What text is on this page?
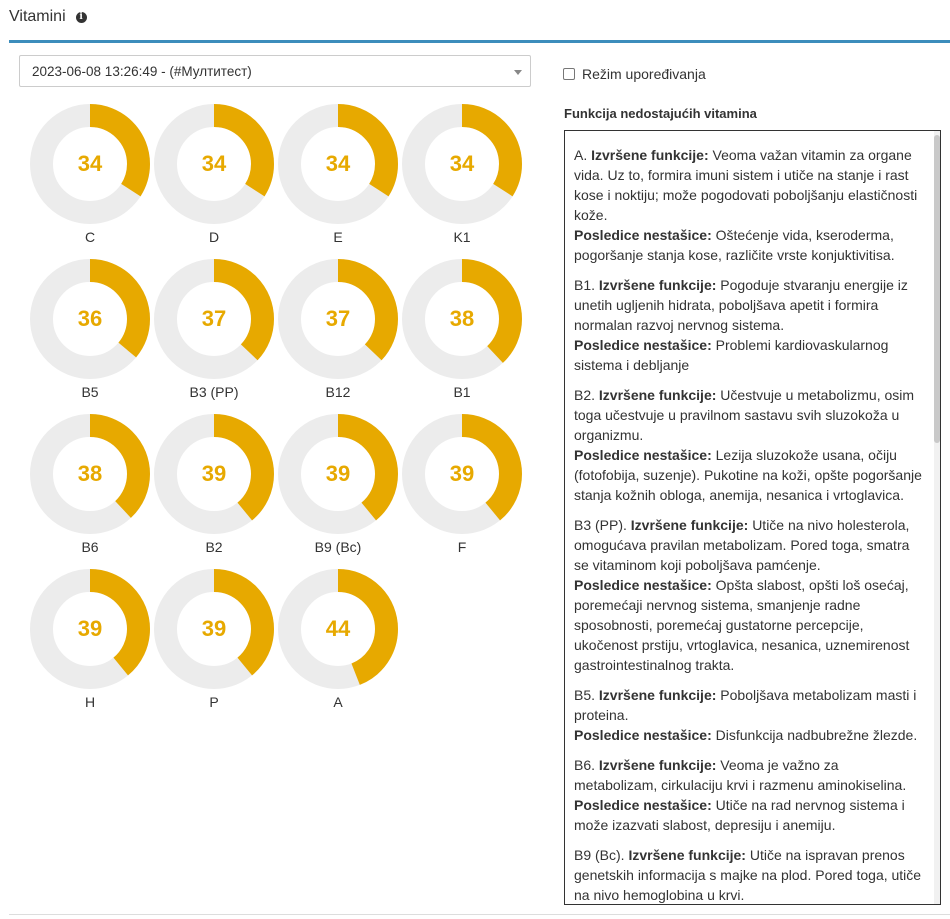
Vitamini	i
2023-06-08 13:26:49 - (#Мултитест)
34
C
34
D
34
E
34
K1
36
B5
37
B3 (PP)
37
B12
38
B1
38
B6
39
B2
39
B9 (Bc)
39
F
39
H
39
P
44
A
Režim upoređivanja
Funkcija nedostajućih vitamina
A. Izvršene funkcije: Veoma važan vitamin za organe vida. Uz to, formira imuni sistem i utiče na stanje i rast kose i noktiju; može pogodovati poboljšanju elastičnosti kože.
Posledice nestašice: Oštećenje vida, kseroderma, pogoršanje stanja kose, različite vrste konjuktivitisa.
B1. Izvršene funkcije: Pogoduje stvaranju energije iz unetih ugljenih hidrata, poboljšava apetit i formira normalan razvoj nervnog sistema.
Posledice nestašice: Problemi kardiovaskularnog sistema i debljanje
B2. Izvršene funkcije: Učestvuje u metabolizmu, osim toga učestvuje u pravilnom sastavu svih sluzokoža u organizmu.
Posledice nestašice: Lezija sluzokože usana, očiju (fotofobija, suzenje). Pukotine na koži, opšte pogoršanje stanja kožnih obloga, anemija, nesanica i vrtoglavica.
B3 (PP). Izvršene funkcije: Utiče na nivo holesterola, omogućava pravilan metabolizam. Pored toga, smatra se vitaminom koji poboljšava pamćenje.
Posledice nestašice: Opšta slabost, opšti loš osećaj, poremećaji nervnog sistema, smanjenje radne sposobnosti, poremećaj gustatorne percepcije, ukočenost prstiju, vrtoglavica, nesanica, uznemirenost gastrointestinalnog trakta.
B5. Izvršene funkcije: Poboljšava metabolizam masti i proteina.
Posledice nestašice: Disfunkcija nadbubrežne žlezde.
B6. Izvršene funkcije: Veoma je važno za metabolizam, cirkulaciju krvi i razmenu aminokiselina.
Posledice nestašice: Utiče na rad nervnog sistema i može izazvati slabost, depresiju i anemiju.
B9 (Bc). Izvršene funkcije: Utiče na ispravan prenos genetskih informacija s majke na plod. Pored toga, utiče na nivo hemoglobina u krvi.
